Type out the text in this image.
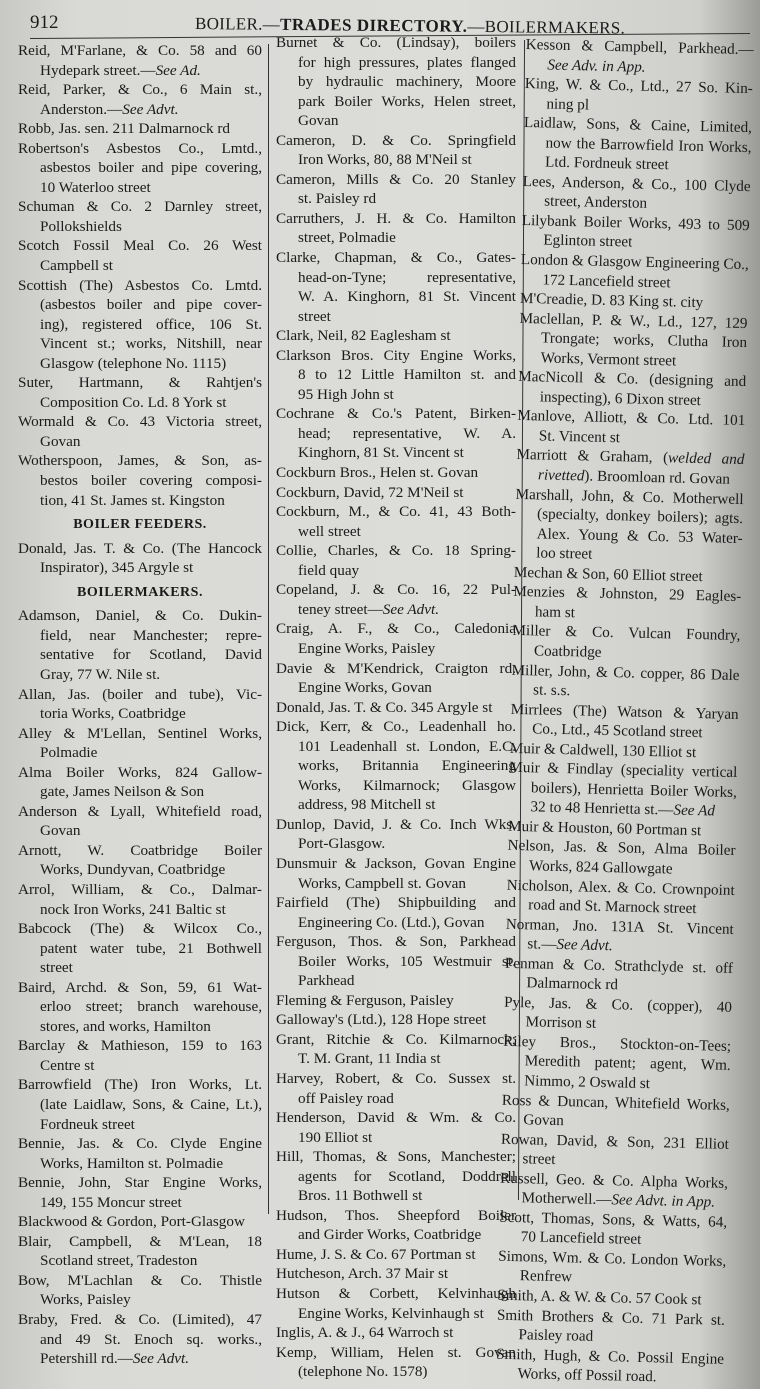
912	BOILER.—TRADES DIRECTORY.—BOILERMAKERS.
Reid, M'Farlane, & Co. 58 and 60
Hydepark street.—See Ad.
Reid, Parker, & Co., 6 Main st.,
Anderston.—See Advt.
Robb, Jas. sen. 211 Dalmarnock rd
Robertson's Asbestos Co., Lmtd.,
asbestos boiler and pipe covering,
10 Waterloo street
Schuman & Co. 2 Darnley street,
Pollokshields
Scotch Fossil Meal Co. 26 West
Campbell st
Scottish (The) Asbestos Co. Lmtd.
(asbestos boiler and pipe cover-
ing), registered office, 106 St.
Vincent st.; works, Nitshill, near
Glasgow (telephone No. 1115)
Suter, Hartmann, & Rahtjen's
Composition Co. Ld. 8 York st
Wormald & Co. 43 Victoria street,
Govan
Wotherspoon, James, & Son, as-
bestos boiler covering composi-
tion, 41 St. James st. Kingston
BOILER FEEDERS.
Donald, Jas. T. & Co. (The Hancock
Inspirator), 345 Argyle st
BOILERMAKERS.
Adamson, Daniel, & Co. Dukin-
field, near Manchester; repre-
sentative for Scotland, David
Gray, 77 W. Nile st.
Allan, Jas. (boiler and tube), Vic-
toria Works, Coatbridge
Alley & M'Lellan, Sentinel Works,
Polmadie
Alma Boiler Works, 824 Gallow-
gate, James Neilson & Son
Anderson & Lyall, Whitefield road,
Govan
Arnott, W. Coatbridge Boiler
Works, Dundyvan, Coatbridge
Arrol, William, & Co., Dalmar-
nock Iron Works, 241 Baltic st
Babcock (The) & Wilcox Co.,
patent water tube, 21 Bothwell
street
Baird, Archd. & Son, 59, 61 Wat-
erloo street; branch warehouse,
stores, and works, Hamilton
Barclay & Mathieson, 159 to 163
Centre st
Barrowfield (The) Iron Works, Lt.
(late Laidlaw, Sons, & Caine, Lt.),
Fordneuk street
Bennie, Jas. & Co. Clyde Engine
Works, Hamilton st. Polmadie
Bennie, John, Star Engine Works,
149, 155 Moncur street
Blackwood & Gordon, Port-Glasgow
Blair, Campbell, & M'Lean, 18
Scotland street, Tradeston
Bow, M'Lachlan & Co. Thistle
Works, Paisley
Braby, Fred. & Co. (Limited), 47
and 49 St. Enoch sq. works.,
Petershill rd.—See Advt.
Burnet & Co. (Lindsay), boilers
for high pressures, plates flanged
by hydraulic machinery, Moore
park Boiler Works, Helen street,
Govan
Cameron, D. & Co. Springfield
Iron Works, 80, 88 M'Neil st
Cameron, Mills & Co. 20 Stanley
st. Paisley rd
Carruthers, J. H. & Co. Hamilton
street, Polmadie
Clarke, Chapman, & Co., Gates-
head-on-Tyne; representative,
W. A. Kinghorn, 81 St. Vincent
street
Clark, Neil, 82 Eaglesham st
Clarkson Bros. City Engine Works,
8 to 12 Little Hamilton st. and
95 High John st
Cochrane & Co.'s Patent, Birken-
head; representative, W. A.
Kinghorn, 81 St. Vincent st
Cockburn Bros., Helen st. Govan
Cockburn, David, 72 M'Neil st
Cockburn, M., & Co. 41, 43 Both-
well street
Collie, Charles, & Co. 18 Spring-
field quay
Copeland, J. & Co. 16, 22 Pul-
teney street—See Advt.
Craig, A. F., & Co., Caledonia
Engine Works, Paisley
Davie & M'Kendrick, Craigton rd.
Engine Works, Govan
Donald, Jas. T. & Co. 345 Argyle st
Dick, Kerr, & Co., Leadenhall ho.
101 Leadenhall st. London, E.C.
works, Britannia Engineering
Works, Kilmarnock; Glasgow
address, 98 Mitchell st
Dunlop, David, J. & Co. Inch Wks.
Port-Glasgow.
Dunsmuir & Jackson, Govan Engine
Works, Campbell st. Govan
Fairfield (The) Shipbuilding and
Engineering Co. (Ltd.), Govan
Ferguson, Thos. & Son, Parkhead
Boiler Works, 105 Westmuir st.
Parkhead
Fleming & Ferguson, Paisley
Galloway's (Ltd.), 128 Hope street
Grant, Ritchie & Co. Kilmarnock;
T. M. Grant, 11 India st
Harvey, Robert, & Co. Sussex st.
off Paisley road
Henderson, David & Wm. & Co.
190 Elliot st
Hill, Thomas, & Sons, Manchester;
agents for Scotland, Doddrell
Bros. 11 Bothwell st
Hudson, Thos. Sheepford Boiler
and Girder Works, Coatbridge
Hume, J. S. & Co. 67 Portman st
Hutcheson, Arch. 37 Mair st
Hutson & Corbett, Kelvinhaugh
Engine Works, Kelvinhaugh st
Inglis, A. & J., 64 Warroch st
Kemp, William, Helen st. Govan
(telephone No. 1578)
Kesson & Campbell, Parkhead.—
See Adv. in App.
King, W. & Co., Ltd., 27 So. Kin-
ning pl
Laidlaw, Sons, & Caine, Limited,
now the Barrowfield Iron Works,
Ltd. Fordneuk street
Lees, Anderson, & Co., 100 Clyde
street, Anderston
Lilybank Boiler Works, 493 to 509
Eglinton street
London & Glasgow Engineering Co.,
172 Lancefield street
M'Creadie, D. 83 King st. city
Maclellan, P. & W., Ld., 127, 129
Trongate; works, Clutha Iron
Works, Vermont street
MacNicoll & Co. (designing and
inspecting), 6 Dixon street
Manlove, Alliott, & Co. Ltd. 101
St. Vincent st
Marriott & Graham, (welded and
rivetted). Broomloan rd. Govan
Marshall, John, & Co. Motherwell
(specialty, donkey boilers); agts.
Alex. Young & Co. 53 Water-
loo street
Mechan & Son, 60 Elliot street
Menzies & Johnston, 29 Eagles-
ham st
Miller & Co. Vulcan Foundry,
Coatbridge
Miller, John, & Co. copper, 86 Dale
st. s.s.
Mirrlees (The) Watson & Yaryan
Co., Ltd., 45 Scotland street
Muir & Caldwell, 130 Elliot st
Muir & Findlay (speciality vertical
boilers), Henrietta Boiler Works,
32 to 48 Henrietta st.—See Ad
Muir & Houston, 60 Portman st
Nelson, Jas. & Son, Alma Boiler
Works, 824 Gallowgate
Nicholson, Alex. & Co. Crownpoint
road and St. Marnock street
Norman, Jno. 131A St. Vincent
st.—See Advt.
Penman & Co. Strathclyde st. off
Dalmarnock rd
Pyle, Jas. & Co. (copper), 40
Morrison st
Riley Bros., Stockton-on-Tees;
Meredith patent; agent, Wm.
Nimmo, 2 Oswald st
Ross & Duncan, Whitefield Works,
Govan
Rowan, David, & Son, 231 Elliot
street
Russell, Geo. & Co. Alpha Works,
Motherwell.—See Advt. in App.
Scott, Thomas, Sons, & Watts, 64,
70 Lancefield street
Simons, Wm. & Co. London Works,
Renfrew
Smith, A. & W. & Co. 57 Cook st
Smith Brothers & Co. 71 Park st.
Paisley road
Smith, Hugh, & Co. Possil Engine
Works, off Possil road.
